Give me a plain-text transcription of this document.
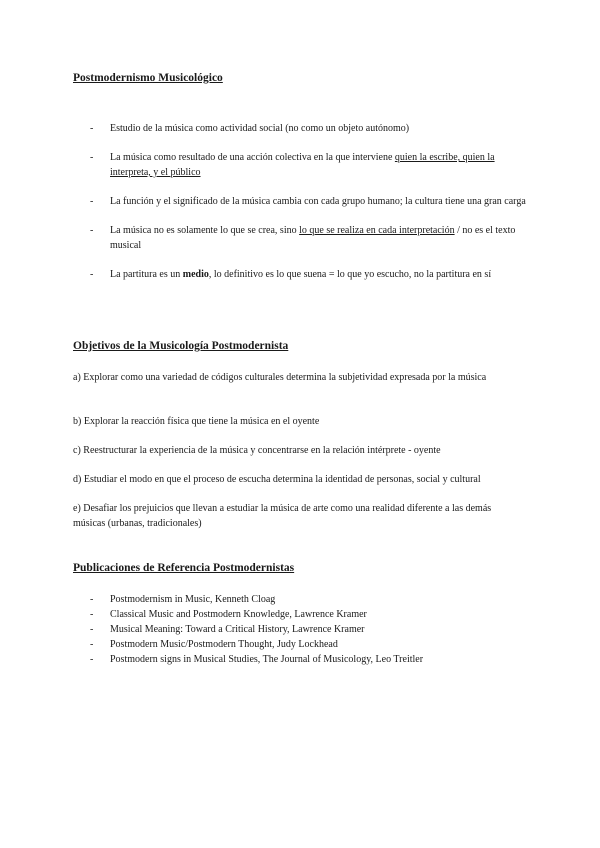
Postmodernismo Musicológico
- Estudio de la música como actividad social (no como un objeto autónomo)
- La música como resultado de una acción colectiva en la que interviene quien la escribe, quien la interpreta, y el público
- La función y el significado de la música cambia con cada grupo humano; la cultura tiene una gran carga
- La música no es solamente lo que se crea, sino lo que se realiza en cada interpretación / no es el texto musical
- La partitura es un medio, lo definitivo es lo que suena = lo que yo escucho, no la partitura en sí
Objetivos de la Musicología Postmodernista

a) Explorar como una variedad de códigos culturales determina la subjetividad expresada por la música

b) Explorar la reacción física que tiene la música en el oyente

c) Reestructurar la experiencia de la música y concentrarse en la relación intérprete - oyente

d) Estudiar el modo en que el proceso de escucha determina la identidad de personas, social y cultural

e) Desafiar los prejuicios que llevan a estudiar la música de arte como una realidad diferente a las demás músicas (urbanas, tradicionales)

Publicaciones de Referencia Postmodernistas
- Postmodernism in Music, Kenneth Cloag
- Classical Music and Postmodern Knowledge, Lawrence Kramer
- Musical Meaning: Toward a Critical History, Lawrence Kramer
- Postmodern Music/Postmodern Thought, Judy Lockhead
- Postmodern signs in Musical Studies, The Journal of Musicology, Leo Treitler
